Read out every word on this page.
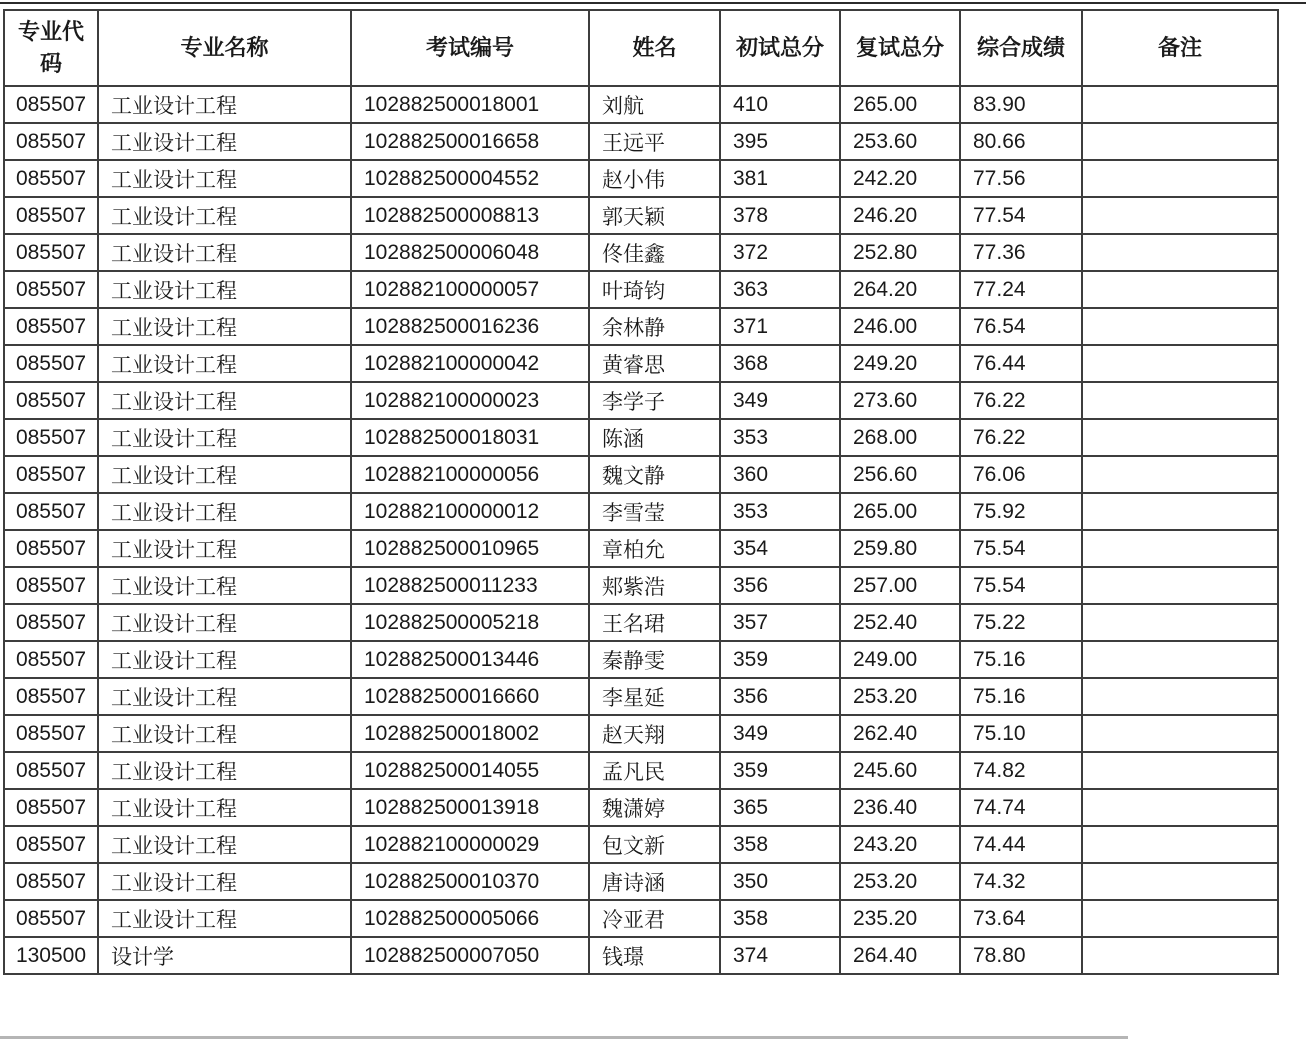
专业代码	专业名称	考试编号	姓名	初试总分	复试总分	综合成绩	备注
085507	工业设计工程	102882500018001	刘航	410	265.00	83.90	
085507	工业设计工程	102882500016658	王远平	395	253.60	80.66	
085507	工业设计工程	102882500004552	赵小伟	381	242.20	77.56	
085507	工业设计工程	102882500008813	郭天颖	378	246.20	77.54	
085507	工业设计工程	102882500006048	佟佳鑫	372	252.80	77.36	
085507	工业设计工程	102882100000057	叶琦钧	363	264.20	77.24	
085507	工业设计工程	102882500016236	余林静	371	246.00	76.54	
085507	工业设计工程	102882100000042	黄睿思	368	249.20	76.44	
085507	工业设计工程	102882100000023	李学子	349	273.60	76.22	
085507	工业设计工程	102882500018031	陈涵	353	268.00	76.22	
085507	工业设计工程	102882100000056	魏文静	360	256.60	76.06	
085507	工业设计工程	102882100000012	李雪莹	353	265.00	75.92	
085507	工业设计工程	102882500010965	章柏允	354	259.80	75.54	
085507	工业设计工程	102882500011233	郏紫浩	356	257.00	75.54	
085507	工业设计工程	102882500005218	王名珺	357	252.40	75.22	
085507	工业设计工程	102882500013446	秦静雯	359	249.00	75.16	
085507	工业设计工程	102882500016660	李星延	356	253.20	75.16	
085507	工业设计工程	102882500018002	赵天翔	349	262.40	75.10	
085507	工业设计工程	102882500014055	孟凡民	359	245.60	74.82	
085507	工业设计工程	102882500013918	魏潇婷	365	236.40	74.74	
085507	工业设计工程	102882100000029	包文新	358	243.20	74.44	
085507	工业设计工程	102882500010370	唐诗涵	350	253.20	74.32	
085507	工业设计工程	102882500005066	冷亚君	358	235.20	73.64	
130500	设计学	102882500007050	钱璟	374	264.40	78.80	
